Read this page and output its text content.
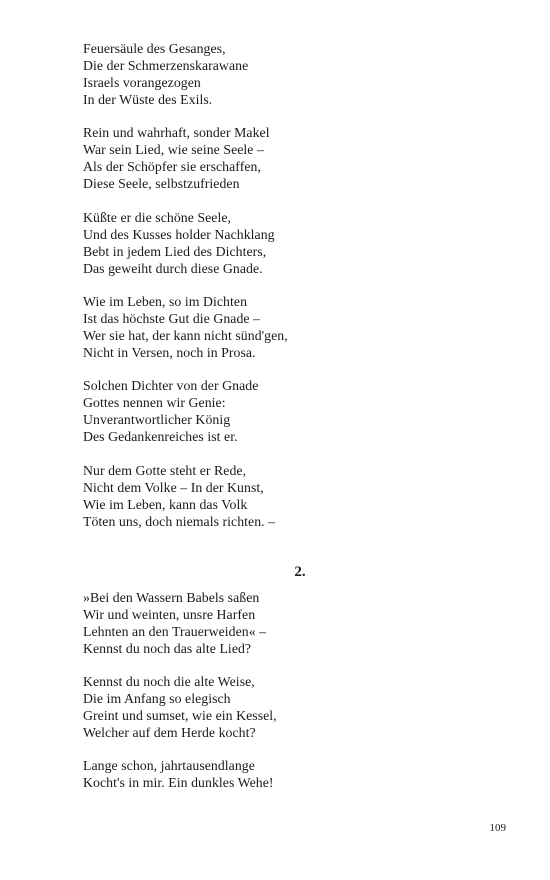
Feuersäule des Gesanges,
Die der Schmerzenskarawane
Israels vorangezogen
In der Wüste des Exils.
Rein und wahrhaft, sonder Makel
War sein Lied, wie seine Seele –
Als der Schöpfer sie erschaffen,
Diese Seele, selbstzufrieden
Küßte er die schöne Seele,
Und des Kusses holder Nachklang
Bebt in jedem Lied des Dichters,
Das geweiht durch diese Gnade.
Wie im Leben, so im Dichten
Ist das höchste Gut die Gnade –
Wer sie hat, der kann nicht sünd'gen,
Nicht in Versen, noch in Prosa.
Solchen Dichter von der Gnade
Gottes nennen wir Genie:
Unverantwortlicher König
Des Gedankenreiches ist er.
Nur dem Gotte steht er Rede,
Nicht dem Volke – In der Kunst,
Wie im Leben, kann das Volk
Töten uns, doch niemals richten. –
2.
»Bei den Wassern Babels saßen
Wir und weinten, unsre Harfen
Lehnten an den Trauerweiden« –
Kennst du noch das alte Lied?
Kennst du noch die alte Weise,
Die im Anfang so elegisch
Greint und sumset, wie ein Kessel,
Welcher auf dem Herde kocht?
Lange schon, jahrtausendlange
Kocht's in mir. Ein dunkles Wehe!
109
